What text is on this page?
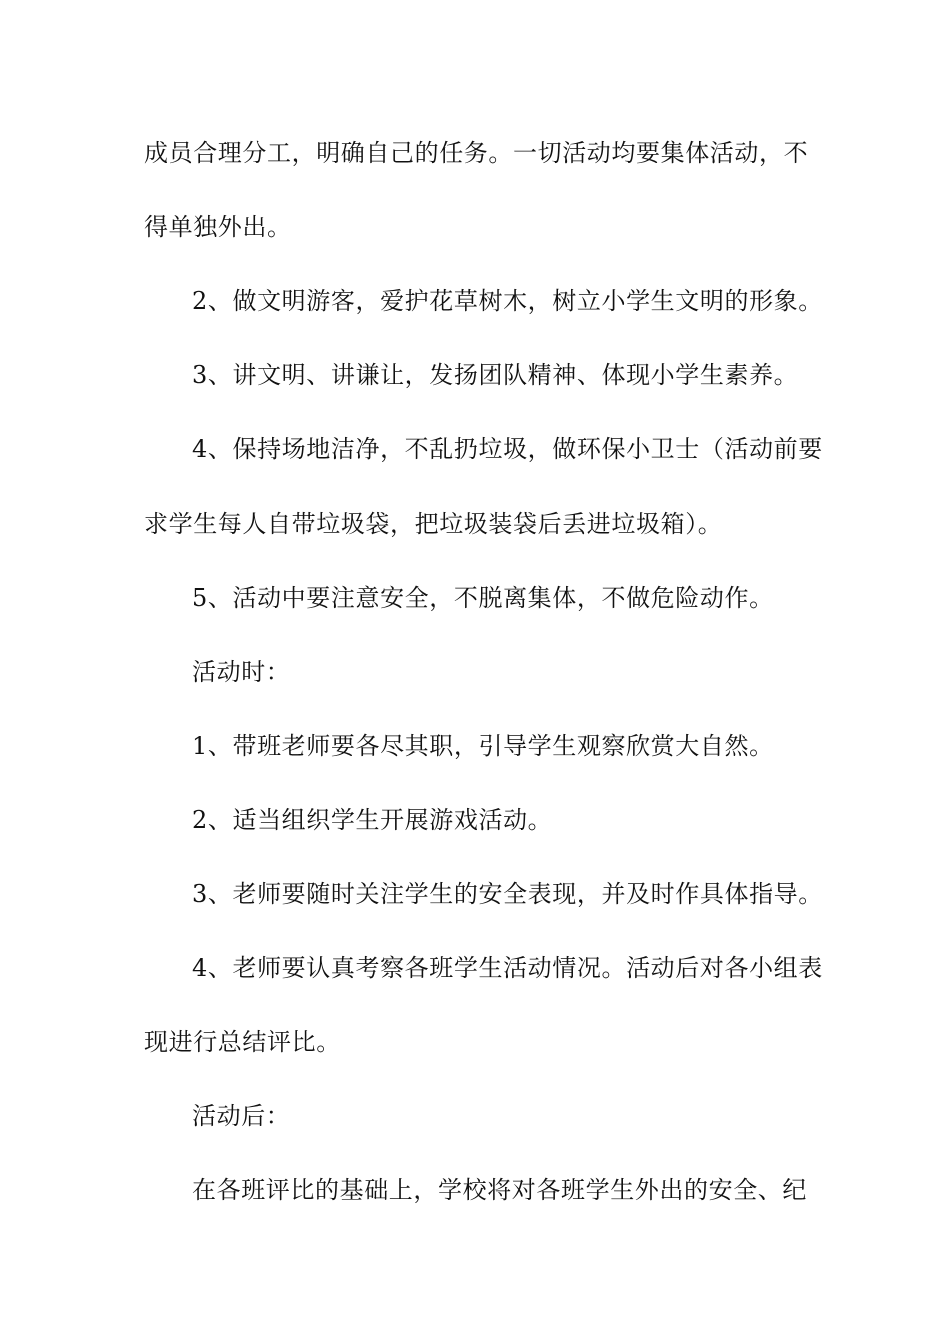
成员合理分工，明确自己的任务。一切活动均要集体活动，不
得单独外出。
2、做文明游客，爱护花草树木，树立小学生文明的形象。
3、讲文明、讲谦让，发扬团队精神、体现小学生素养。
4、保持场地洁净，不乱扔垃圾，做环保小卫士（活动前要
求学生每人自带垃圾袋，把垃圾装袋后丢进垃圾箱）。
5、活动中要注意安全，不脱离集体，不做危险动作。
活动时：
1、带班老师要各尽其职，引导学生观察欣赏大自然。
2、适当组织学生开展游戏活动。
3、老师要随时关注学生的安全表现，并及时作具体指导。
4、老师要认真考察各班学生活动情况。活动后对各小组表
现进行总结评比。
活动后：
在各班评比的基础上，学校将对各班学生外出的安全、纪
